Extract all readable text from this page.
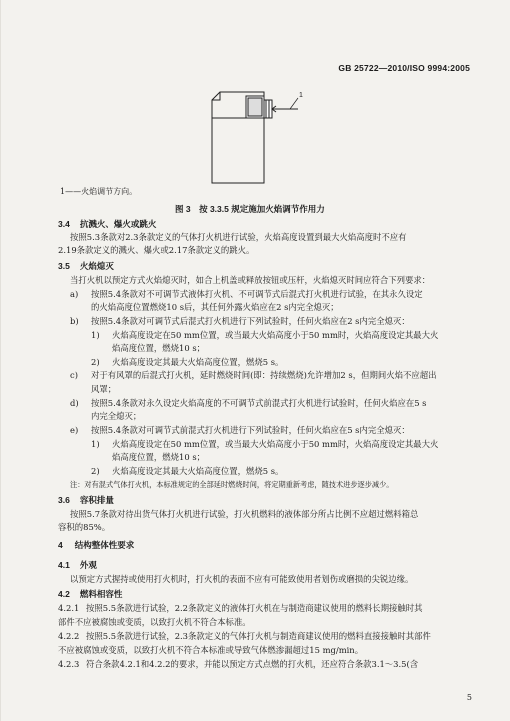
GB 25722—2010/ISO 9994:2005
1
1——火焰调节方向。
图 3　按 3.3.5 规定施加火焰调节作用力
3.4 抗溅火、爆火或跳火
按照5.3条款对2.3条款定义的气体打火机进行试验，火焰高度设置到最大火焰高度时不应有
2.19条款定义的溅火、爆火或2.17条款定义的跳火。
3.5 火焰熄灭
当打火机以预定方式火焰熄灭时，如合上机盖或释放按钮或压杆，火焰熄灭时间应符合下列要求：
a) 按照5.4条款对不可调节式液体打火机、不可调节式后混式打火机进行试验，在其永久设定
的火焰高度位置燃烧10 s后，其任何外露火焰应在2 s内完全熄灭；
b) 按照5.4条款对可调节式后混式打火机进行下列试验时，任何火焰应在2 s内完全熄灭：
1) 火焰高度设定在50 mm位置，或当最大火焰高度小于50 mm时，火焰高度设定其最大火
焰高度位置，燃烧10 s；
2) 火焰高度设定其最大火焰高度位置，燃烧5 s。
c) 对于有风罩的后混式打火机，延时燃烧时间(即：持续燃烧)允许增加2 s，但期间火焰不应超出
风罩；
d) 按照5.4条款对永久设定火焰高度的不可调节式前混式打火机进行试验时，任何火焰应在5 s
内完全熄灭；
e) 按照5.4条款对可调节式前混式打火机进行下列试验时，任何火焰应在5 s内完全熄灭：
1) 火焰高度设定在50 mm位置，或当最大火焰高度小于50 mm时，火焰高度设定其最大火
焰高度位置，燃烧10 s；
2) 火焰高度设定其最大火焰高度位置，燃烧5 s。
注：对有混式气体打火机，本标准规定的全部延时燃烧时间，将定期重新考虑，随技术进步逐步减少。
3.6 容积排量
按照5.7条款对待出货气体打火机进行试验，打火机燃料的液体部分所占比例不应超过燃料箱总
容积的85%。
4 结构整体性要求
4.1 外观
以预定方式握持或使用打火机时，打火机的表面不应有可能致使用者划伤或磨损的尖锐边缘。
4.2 燃料相容性
4.2.1 按照5.5条款进行试验，2.2条款定义的液体打火机在与制造商建议使用的燃料长期接触时其
部件不应被腐蚀或变质，以致打火机不符合本标准。
4.2.2 按照5.5条款进行试验，2.3条款定义的气体打火机与制造商建议使用的燃料直接接触时其部件
不应被腐蚀或变质，以致打火机不符合本标准或导致气体燃渗漏超过15 mg/min。
4.2.3 符合条款4.2.1和4.2.2的要求，并能以预定方式点燃的打火机，还应符合条款3.1～3.5(含
5
